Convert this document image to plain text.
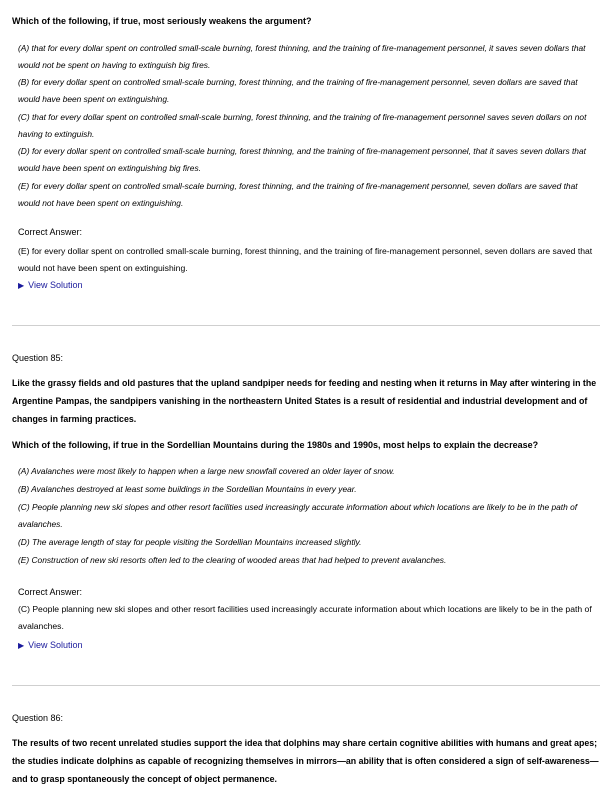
Which of the following, if true, most seriously weakens the argument?
(A) that for every dollar spent on controlled small-scale burning, forest thinning, and the training of fire-management personnel, it saves seven dollars that would not be spent on having to extinguish big fires.
(B) for every dollar spent on controlled small-scale burning, forest thinning, and the training of fire-management personnel, seven dollars are saved that would have been spent on extinguishing.
(C) that for every dollar spent on controlled small-scale burning, forest thinning, and the training of fire-management personnel saves seven dollars on not having to extinguish.
(D) for every dollar spent on controlled small-scale burning, forest thinning, and the training of fire-management personnel, that it saves seven dollars that would have been spent on extinguishing big fires.
(E) for every dollar spent on controlled small-scale burning, forest thinning, and the training of fire-management personnel, seven dollars are saved that would not have been spent on extinguishing.
Correct Answer:
(E) for every dollar spent on controlled small-scale burning, forest thinning, and the training of fire-management personnel, seven dollars are saved that would not have been spent on extinguishing.
▶ View Solution
Question 85:
Like the grassy fields and old pastures that the upland sandpiper needs for feeding and nesting when it returns in May after wintering in the Argentine Pampas, the sandpipers vanishing in the northeastern United States is a result of residential and industrial development and of changes in farming practices.
Which of the following, if true in the Sordellian Mountains during the 1980s and 1990s, most helps to explain the decrease?
(A) Avalanches were most likely to happen when a large new snowfall covered an older layer of snow.
(B) Avalanches destroyed at least some buildings in the Sordellian Mountains in every year.
(C) People planning new ski slopes and other resort facilities used increasingly accurate information about which locations are likely to be in the path of avalanches.
(D) The average length of stay for people visiting the Sordellian Mountains increased slightly.
(E) Construction of new ski resorts often led to the clearing of wooded areas that had helped to prevent avalanches.
Correct Answer:
(C) People planning new ski slopes and other resort facilities used increasingly accurate information about which locations are likely to be in the path of avalanches.
▶ View Solution
Question 86:
The results of two recent unrelated studies support the idea that dolphins may share certain cognitive abilities with humans and great apes; the studies indicate dolphins as capable of recognizing themselves in mirrors—an ability that is often considered a sign of self-awareness—and to grasp spontaneously the concept of object permanence.
